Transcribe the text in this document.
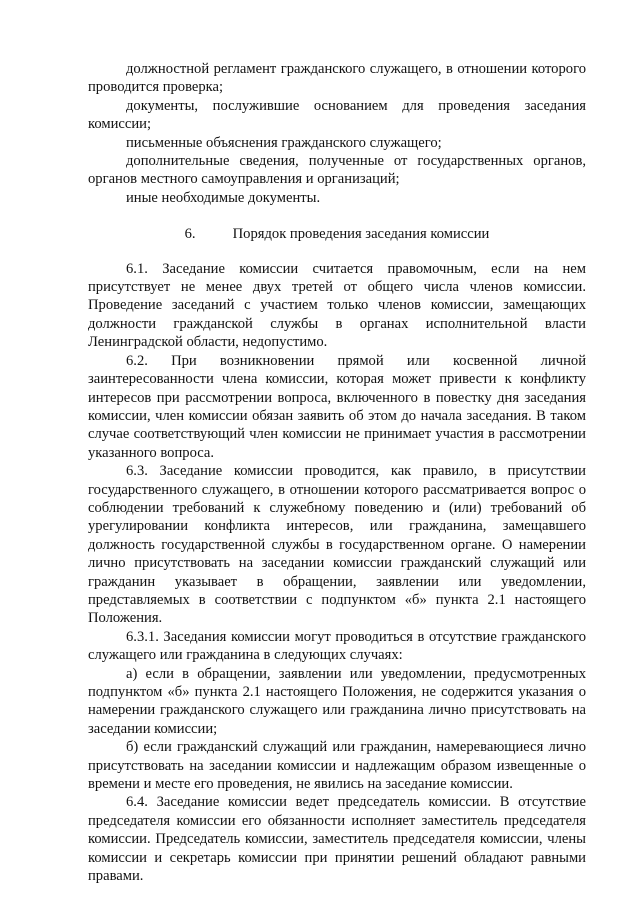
должностной регламент гражданского служащего, в отношении которого проводится проверка;

документы, послужившие основанием для проведения заседания комиссии;

письменные объяснения гражданского служащего;

дополнительные сведения, полученные от государственных органов, органов местного самоуправления и организаций;

иные необходимые документы.

6.	Порядок проведения заседания комиссии

6.1. Заседание комиссии считается правомочным, если на нем присутствует не менее двух третей от общего числа членов комиссии. Проведение заседаний с участием только членов комиссии, замещающих должности гражданской службы в органах исполнительной власти Ленинградской области, недопустимо.

6.2. При возникновении прямой или косвенной личной заинтересованности члена комиссии, которая может привести к конфликту интересов при рассмотрении вопроса, включенного в повестку дня заседания комиссии, член комиссии обязан заявить об этом до начала заседания. В таком случае соответствующий член комиссии не принимает участия в рассмотрении указанного вопроса.

6.3. Заседание комиссии проводится, как правило, в присутствии государственного служащего, в отношении которого рассматривается вопрос о соблюдении требований к служебному поведению и (или) требований об урегулировании конфликта интересов, или гражданина, замещавшего должность государственной службы в государственном органе. О намерении лично присутствовать на заседании комиссии гражданский служащий или гражданин указывает в обращении, заявлении или уведомлении, представляемых в соответствии с подпунктом «б» пункта 2.1 настоящего Положения.

6.3.1. Заседания комиссии могут проводиться в отсутствие гражданского служащего или гражданина в следующих случаях:

а) если в обращении, заявлении или уведомлении, предусмотренных подпунктом «б» пункта 2.1 настоящего Положения, не содержится указания о намерении гражданского служащего или гражданина лично присутствовать на заседании комиссии;

б) если гражданский служащий или гражданин, намеревающиеся лично присутствовать на заседании комиссии и надлежащим образом извещенные о времени и месте его проведения, не явились на заседание комиссии.

6.4. Заседание комиссии ведет председатель комиссии. В отсутствие председателя комиссии его обязанности исполняет заместитель председателя комиссии. Председатель комиссии, заместитель председателя комиссии, члены комиссии и секретарь комиссии при принятии решений обладают равными правами.
